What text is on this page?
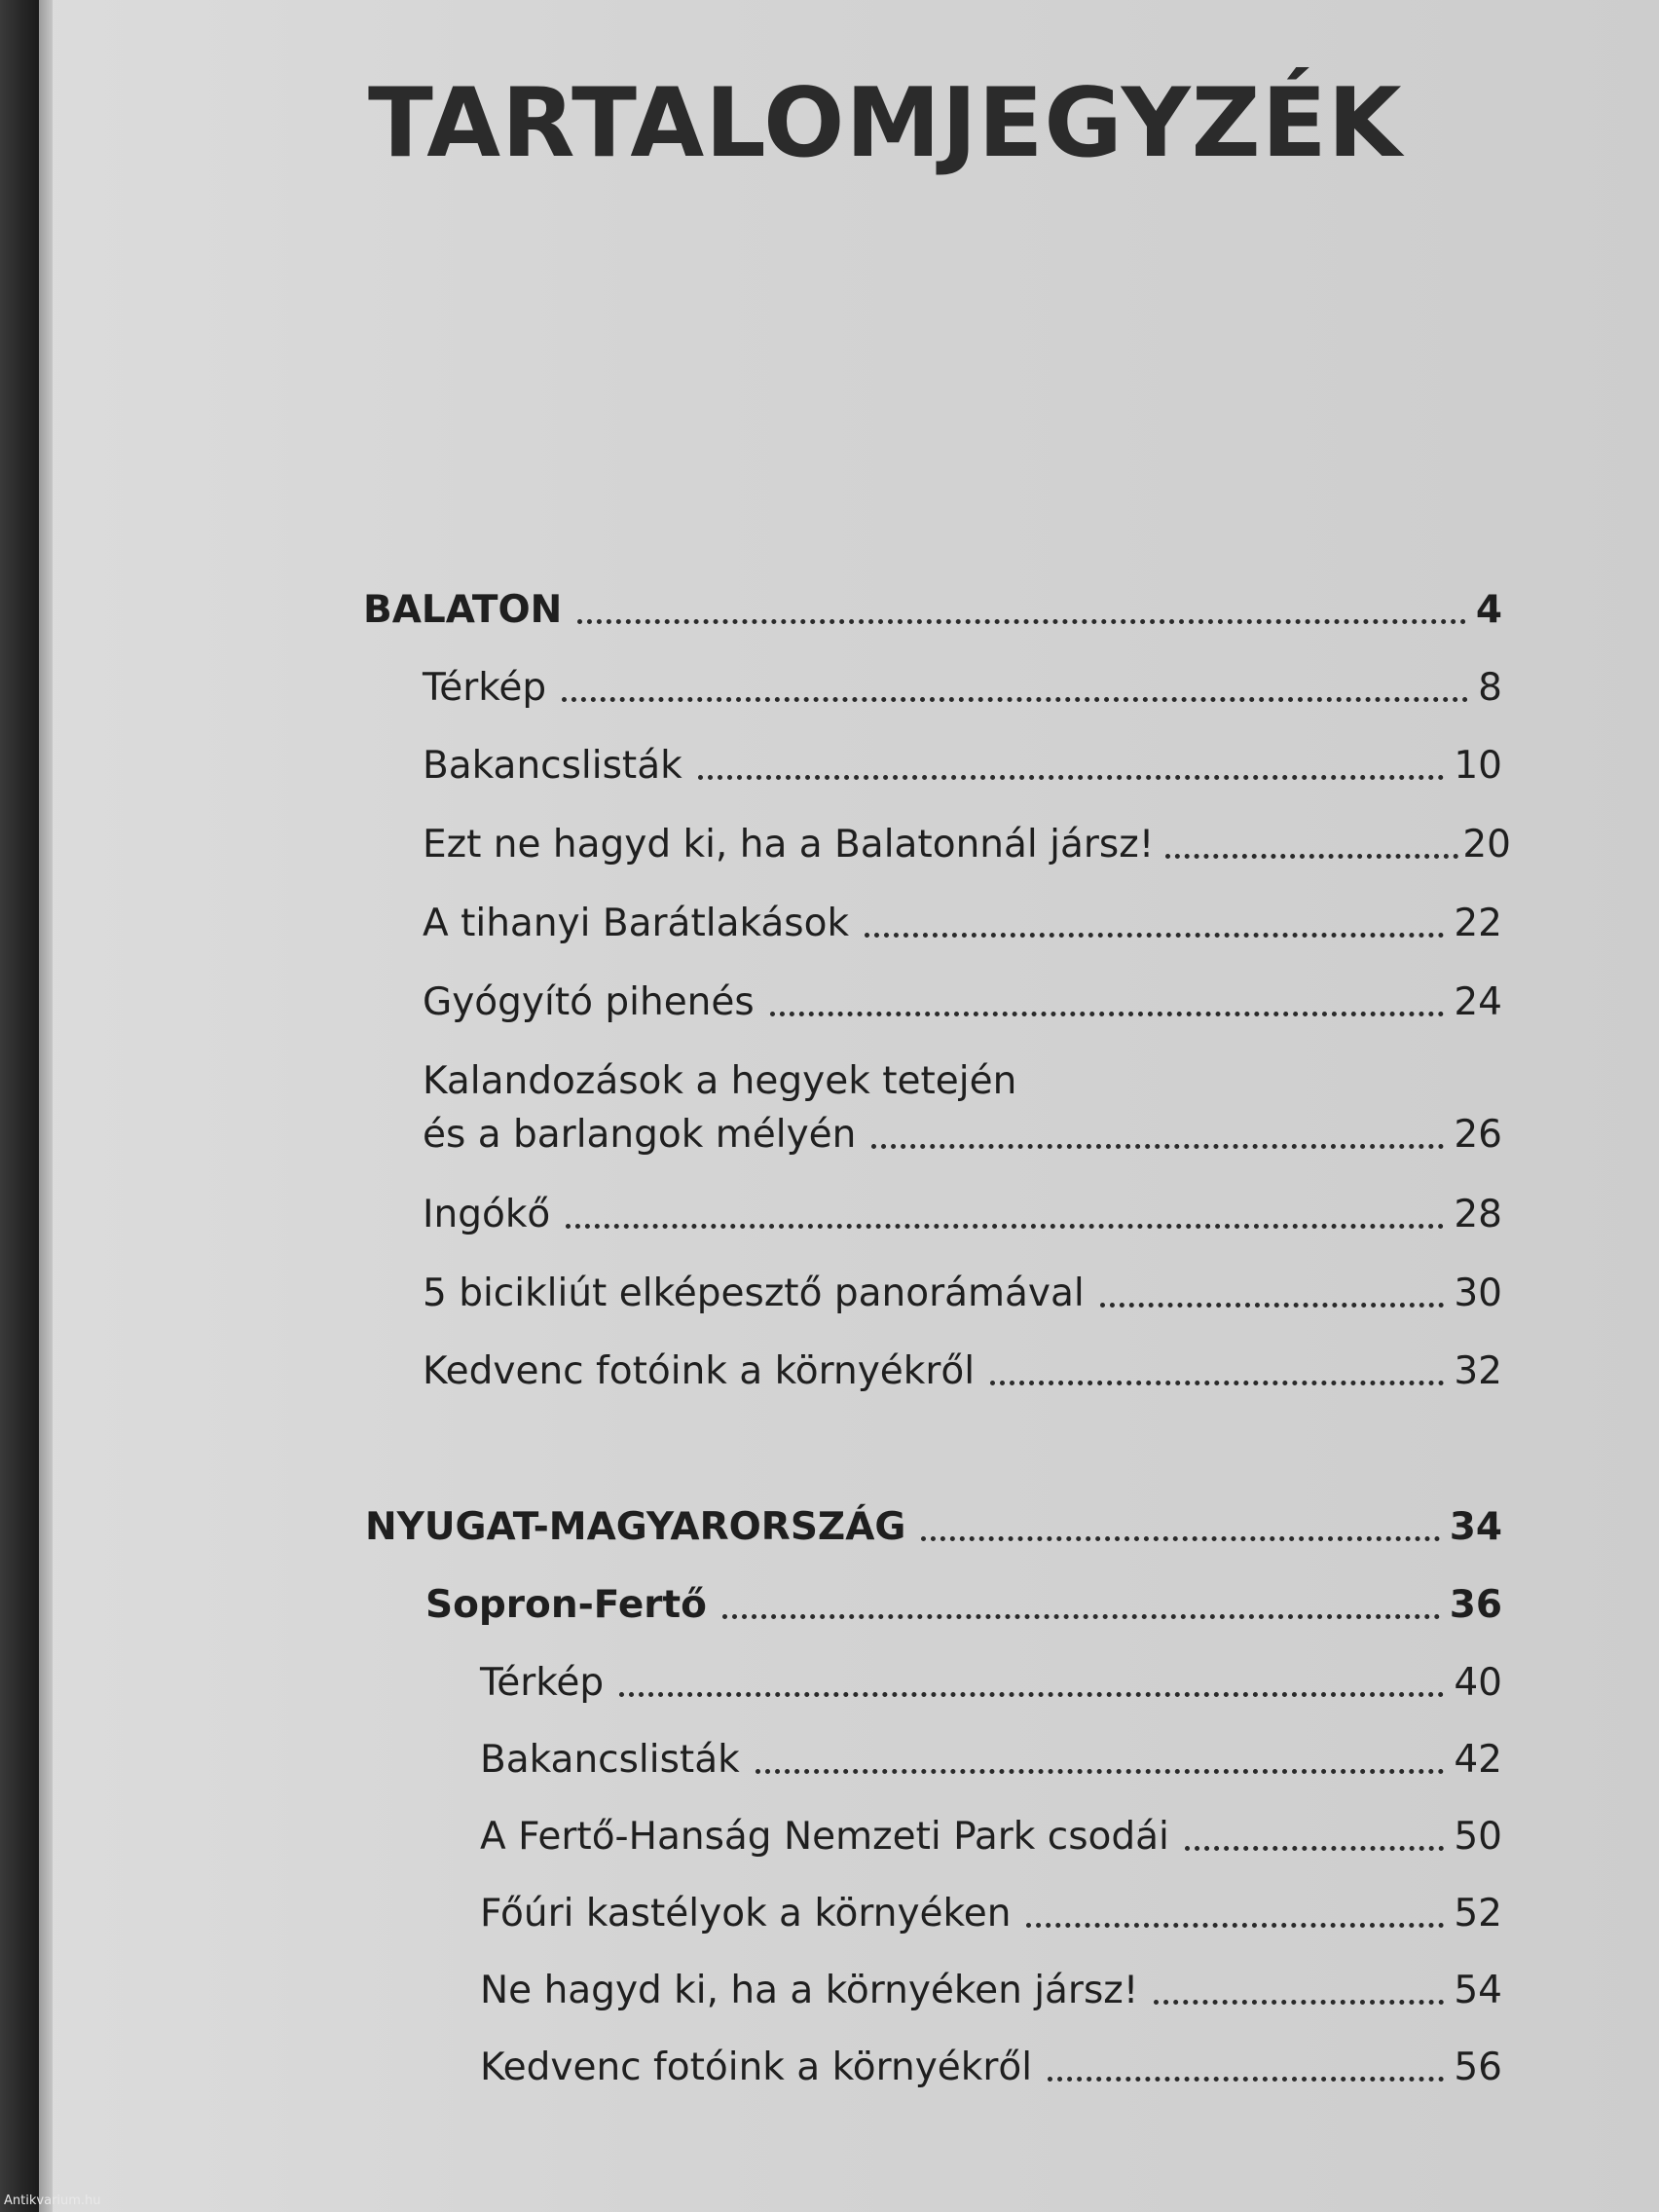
TARTALOMJEGYZÉK
BALATON	4
Térkép	8
Bakancslisták	10
Ezt ne hagyd ki, ha a Balatonnál jársz!	20
A tihanyi Barátlakások	22
Gyógyító pihenés	24
Kalandozások a hegyek tetején
és a barlangok mélyén	26
Ingókő	28
5 bicikliút elképesztő panorámával	30
Kedvenc fotóink a környékről	32
NYUGAT-MAGYARORSZÁG	34
Sopron-Fertő	36
Térkép	40
Bakancslisták	42
A Fertő-Hanság Nemzeti Park csodái	50
Főúri kastélyok a környéken	52
Ne hagyd ki, ha a környéken jársz!	54
Kedvenc fotóink a környékről	56
Antikvarium.hu
